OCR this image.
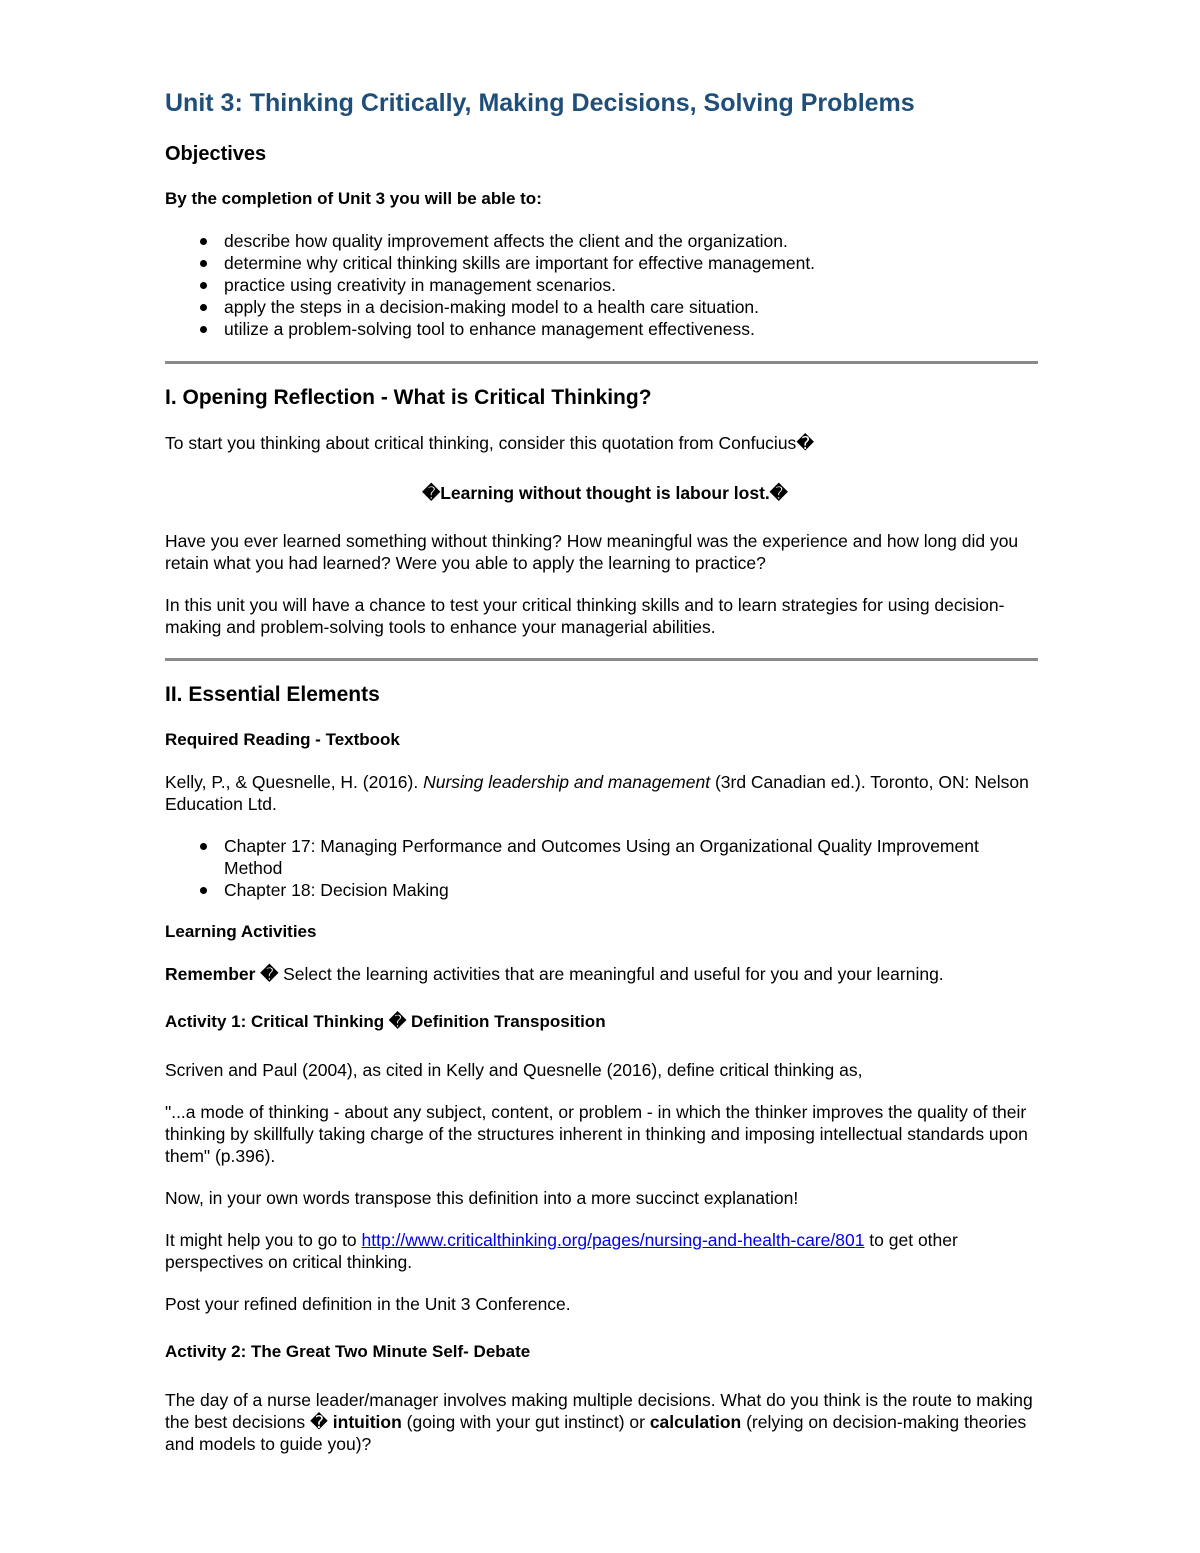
Unit 3: Thinking Critically, Making Decisions, Solving Problems
Objectives
By the completion of Unit 3 you will be able to:
describe how quality improvement affects the client and the organization.
determine why critical thinking skills are important for effective management.
practice using creativity in management scenarios.
apply the steps in a decision-making model to a health care situation.
utilize a problem-solving tool to enhance management effectiveness.
I. Opening Reflection - What is Critical Thinking?

To start you thinking about critical thinking, consider this quotation from Confucius�

�Learning without thought is labour lost.�

Have you ever learned something without thinking? How meaningful was the experience and how long did you retain what you had learned? Were you able to apply the learning to practice?

In this unit you will have a chance to test your critical thinking skills and to learn strategies for using decision-making and problem-solving tools to enhance your managerial abilities.

II. Essential Elements
Required Reading - Textbook

Kelly, P., & Quesnelle, H. (2016). Nursing leadership and management (3rd Canadian ed.). Toronto, ON: Nelson Education Ltd.

Chapter 17: Managing Performance and Outcomes Using an Organizational Quality Improvement Method
Chapter 18: Decision Making
Learning Activities

Remember � Select the learning activities that are meaningful and useful for you and your learning.

Activity 1: Critical Thinking � Definition Transposition

Scriven and Paul (2004), as cited in Kelly and Quesnelle (2016), define critical thinking as,

"...a mode of thinking - about any subject, content, or problem - in which the thinker improves the quality of their thinking by skillfully taking charge of the structures inherent in thinking and imposing intellectual standards upon them" (p.396).

Now, in your own words transpose this definition into a more succinct explanation!

It might help you to go to http://www.criticalthinking.org/pages/nursing-and-health-care/801 to get other perspectives on critical thinking.

Post your refined definition in the Unit 3 Conference.

Activity 2: The Great Two Minute Self- Debate

The day of a nurse leader/manager involves making multiple decisions. What do you think is the route to making the best decisions � intuition (going with your gut instinct) or calculation (relying on decision-making theories and models to guide you)?
